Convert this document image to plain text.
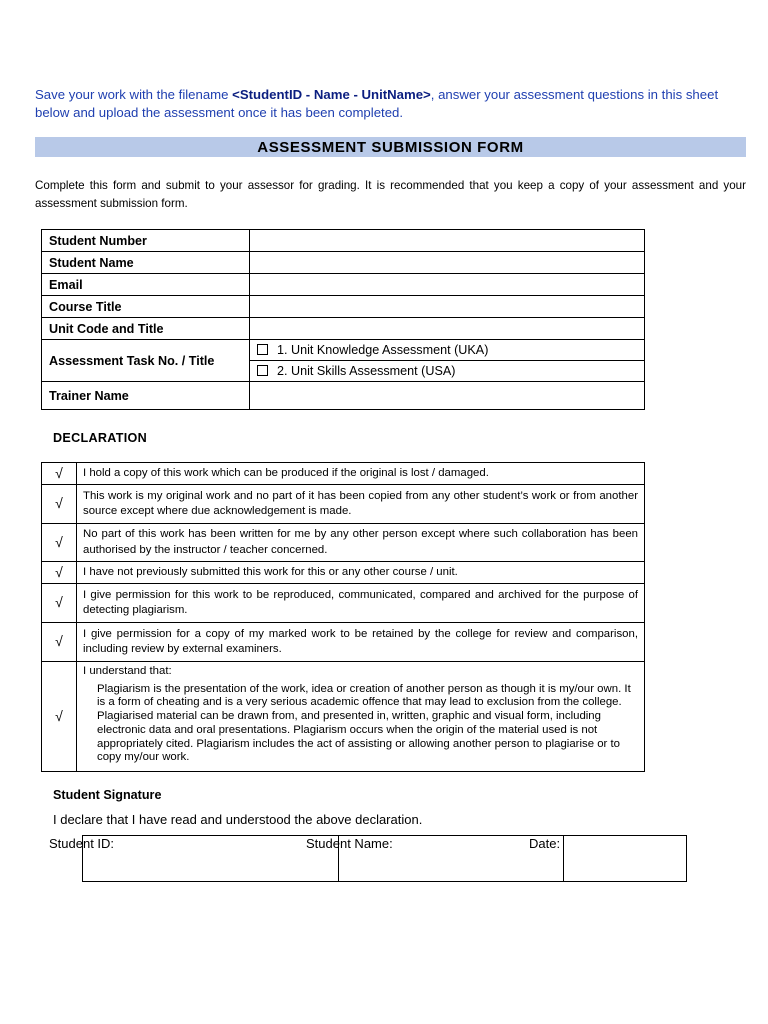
Save your work with the filename <StudentID - Name - UnitName>, answer your assessment questions in this sheet below and upload the assessment once it has been completed.
ASSESSMENT SUBMISSION FORM
Complete this form and submit to your assessor for grading. It is recommended that you keep a copy of your assessment and your assessment submission form.
Student Number	
Student Name	
Email	
Course Title	
Unit Code and Title	
Assessment Task No. / Title	1. Unit Knowledge Assessment (UKA)
	2. Unit Skills Assessment (USA)
Trainer Name	
DECLARATION
√	I hold a copy of this work which can be produced if the original is lost / damaged.
√	This work is my original work and no part of it has been copied from any other student’s work or from another source except where due acknowledgement is made.
√	No part of this work has been written for me by any other person except where such collaboration has been authorised by the instructor / teacher concerned.
√	I have not previously submitted this work for this or any other course / unit.
√	I give permission for this work to be reproduced, communicated, compared and archived for the purpose of detecting plagiarism.
√	I give permission for a copy of my marked work to be retained by the college for review and comparison, including review by external examiners.
√	I understand that:
Plagiarism is the presentation of the work, idea or creation of another person as though it is my/our own. It is a form of cheating and is a very serious academic offence that may lead to exclusion from the college. Plagiarised material can be drawn from, and presented in, written, graphic and visual form, including electronic data and oral presentations. Plagiarism occurs when the origin of the material used is not appropriately cited. Plagiarism includes the act of assisting or allowing another person to plagiarise or to copy my/our work.
Student Signature
I declare that I have read and understood the above declaration.

Student ID:	Student Name:	Date:
